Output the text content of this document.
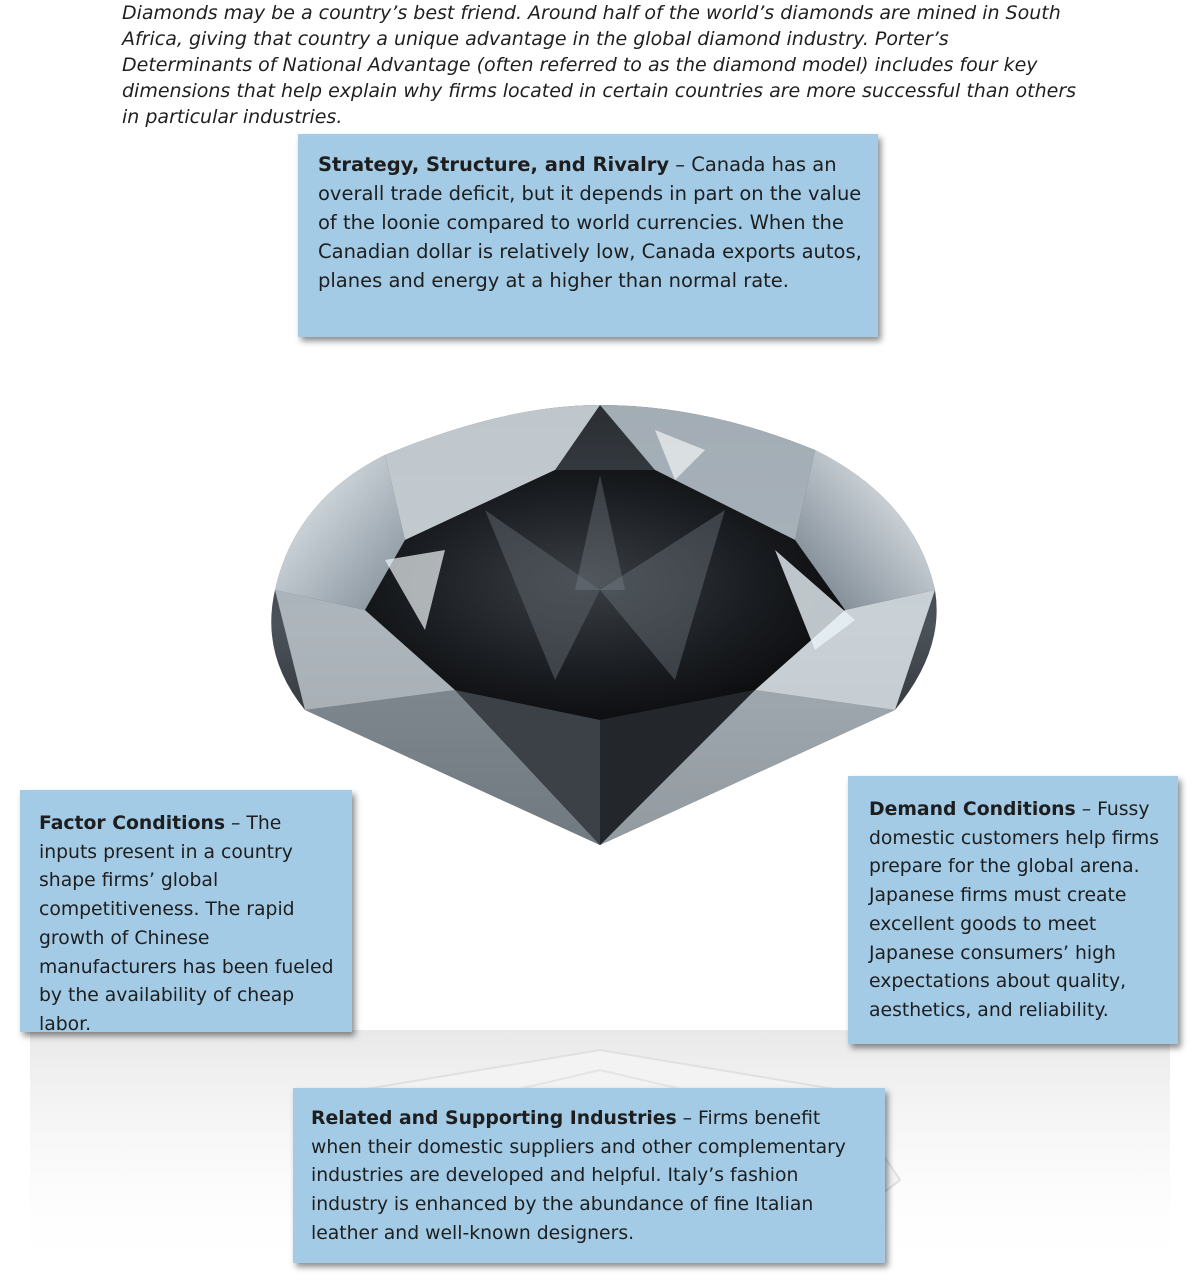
Diamonds may be a country’s best friend. Around half of the world’s diamonds are mined in South Africa, giving that country a unique advantage in the global diamond industry. Porter’s Determinants of National Advantage (often referred to as the diamond model) includes four key dimensions that help explain why firms located in certain countries are more successful than others in particular industries.

Strategy, Structure, and Rivalry – Canada has an overall trade deficit, but it depends in part on the value of the loonie compared to world currencies. When the Canadian dollar is relatively low, Canada exports autos, planes and energy at a higher than normal rate.
Factor Conditions – The inputs present in a country shape firms’ global competitiveness. The rapid growth of Chinese manufacturers has been fueled by the availability of cheap labor.
Demand Conditions – Fussy domestic customers help firms prepare for the global arena. Japanese firms must create excellent goods to meet Japanese consumers’ high expectations about quality, aesthetics, and reliability.
Related and Supporting Industries – Firms benefit when their domestic suppliers and other complementary industries are developed and helpful. Italy’s fashion industry is enhanced by the abundance of fine Italian leather and well-known designers.
